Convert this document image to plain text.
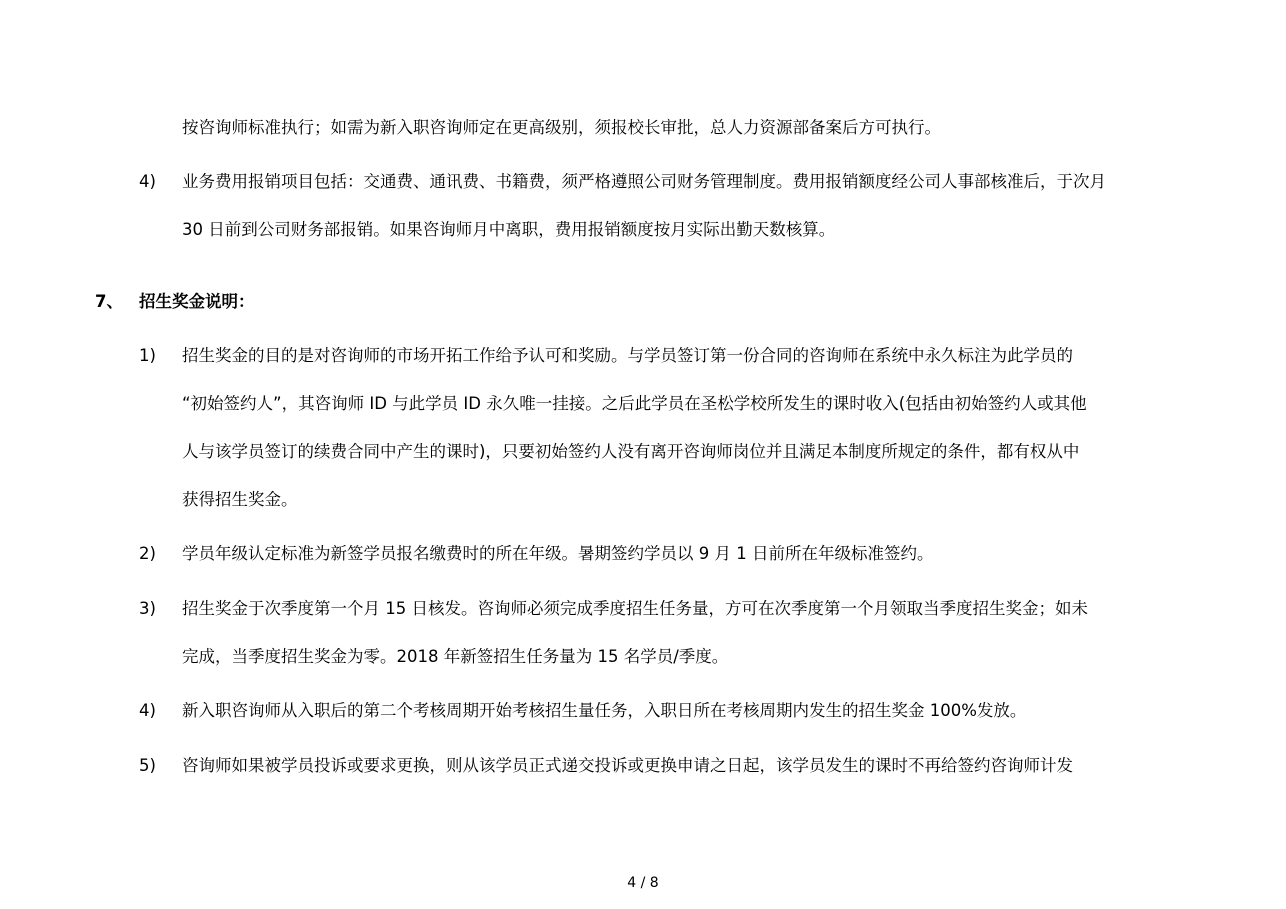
按咨询师标准执行；如需为新入职咨询师定在更高级别，须报校长审批，总人力资源部备案后方可执行。
4) 业务费用报销项目包括：交通费、通讯费、书籍费，须严格遵照公司财务管理制度。费用报销额度经公司人事部核准后，于次月
30 日前到公司财务部报销。如果咨询师月中离职，费用报销额度按月实际出勤天数核算。
7、 招生奖金说明：
1) 招生奖金的目的是对咨询师的市场开拓工作给予认可和奖励。与学员签订第一份合同的咨询师在系统中永久标注为此学员的
“初始签约人”，其咨询师 ID 与此学员 ID 永久唯一挂接。之后此学员在圣松学校所发生的课时收入(包括由初始签约人或其他
人与该学员签订的续费合同中产生的课时)，只要初始签约人没有离开咨询师岗位并且满足本制度所规定的条件，都有权从中
获得招生奖金。
2) 学员年级认定标准为新签学员报名缴费时的所在年级。暑期签约学员以 9 月 1 日前所在年级标准签约。
3) 招生奖金于次季度第一个月 15 日核发。咨询师必须完成季度招生任务量，方可在次季度第一个月领取当季度招生奖金；如未
完成，当季度招生奖金为零。2018 年新签招生任务量为 15 名学员/季度。
4) 新入职咨询师从入职后的第二个考核周期开始考核招生量任务，入职日所在考核周期内发生的招生奖金 100%发放。
5) 咨询师如果被学员投诉或要求更换，则从该学员正式递交投诉或更换申请之日起，该学员发生的课时不再给签约咨询师计发
4 / 8
